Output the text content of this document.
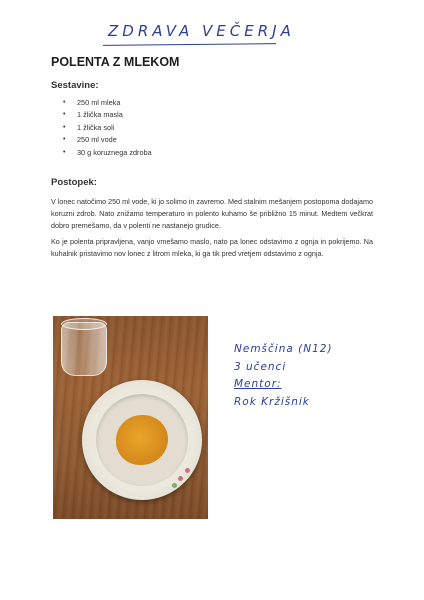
ZDRAVA VEČERJA
POLENTA Z MLEKOM
Sestavine:
• 250 ml mleka
• 1 žlička masla
• 1 žlička soli
• 250 ml vode
• 30 g koruznega zdroba
Postopek:
V lonec natočimo 250 ml vode, ki jo solimo in zavremo. Med stalnim mešanjem postopoma dodajamo koruzni zdrob. Nato znižamo temperaturo in polento kuhamo še približno 15 minut. Medtem večkrat dobro premešamo, da v polenti ne nastanejo grudice.
Ko je polenta pripravljena, vanjo vmešamo maslo, nato pa lonec odstavimo z ognja in pokrijemo. Na kuhalnik pristavimo nov lonec z litrom mleka, ki ga tik pred vretjem odstavimo z ognja.
Nemščina (N12)
3 učenci
Mentor:
Rok Kržišnik
